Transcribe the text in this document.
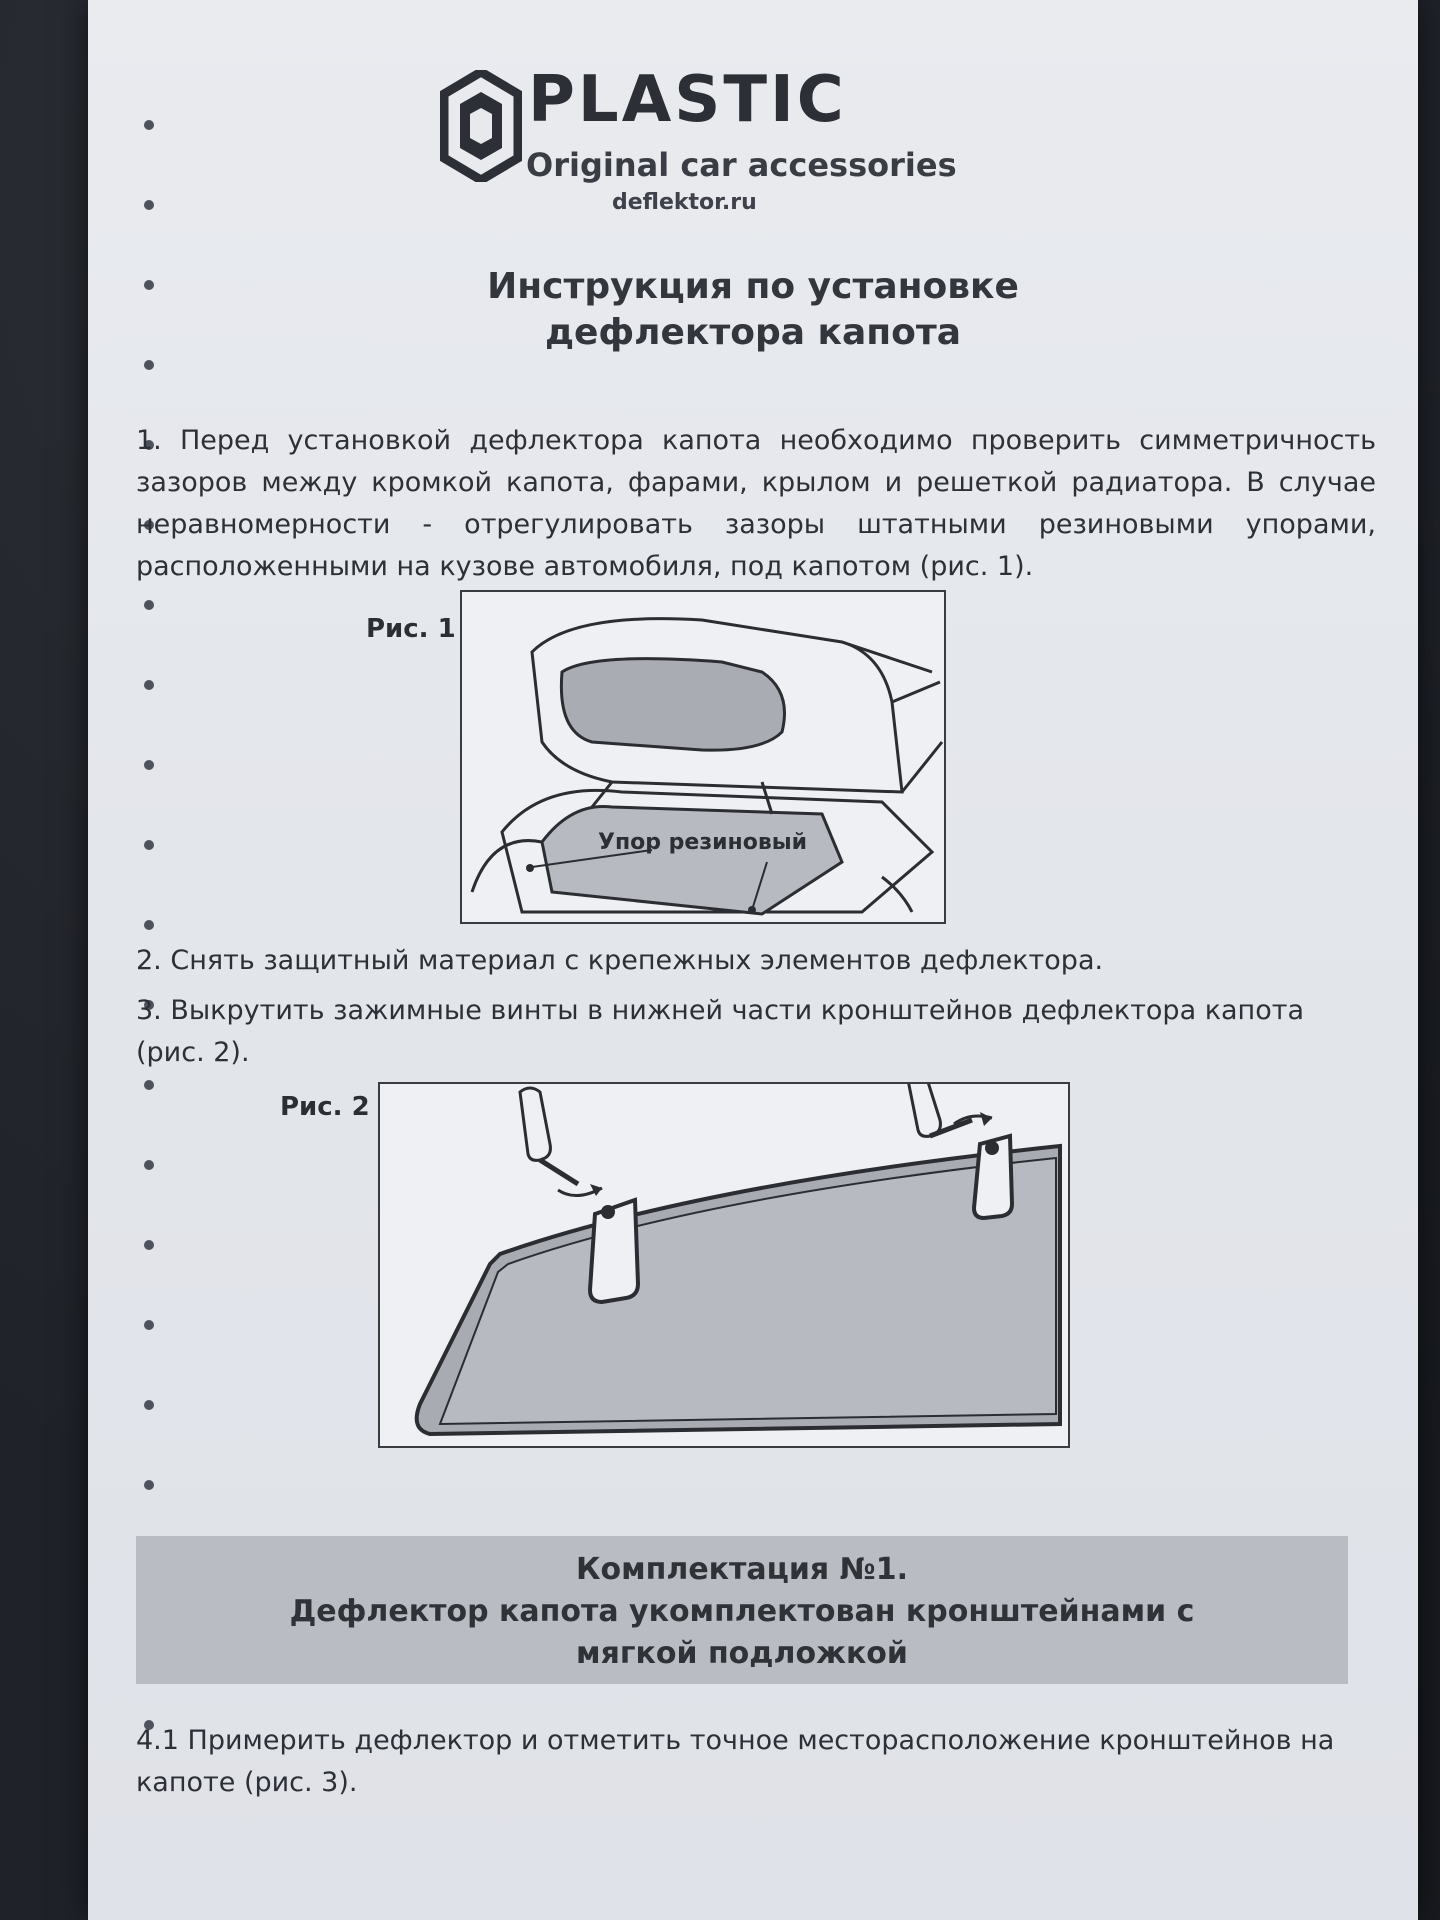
PLASTIC
Original car accessories
deflektor.ru
Инструкция по установке
дефлектора капота
1. Перед установкой дефлектора капота необходимо проверить симметричность зазоров между кромкой капота, фарами, крылом и решеткой радиатора. В случае неравномерности - отрегулировать зазоры штатными резиновыми упорами, расположенными на кузове автомобиля, под капотом (рис. 1).
Рис. 1
Упор резиновый
2. Снять защитный материал с крепежных элементов дефлектора.
3. Выкрутить зажимные винты в нижней части кронштейнов дефлектора капота (рис. 2).
Рис. 2
Комплектация №1.
Дефлектор капота укомплектован кронштейнами с
мягкой подложкой
4.1 Примерить дефлектор и отметить точное месторасположение кронштейнов на капоте (рис. 3).
